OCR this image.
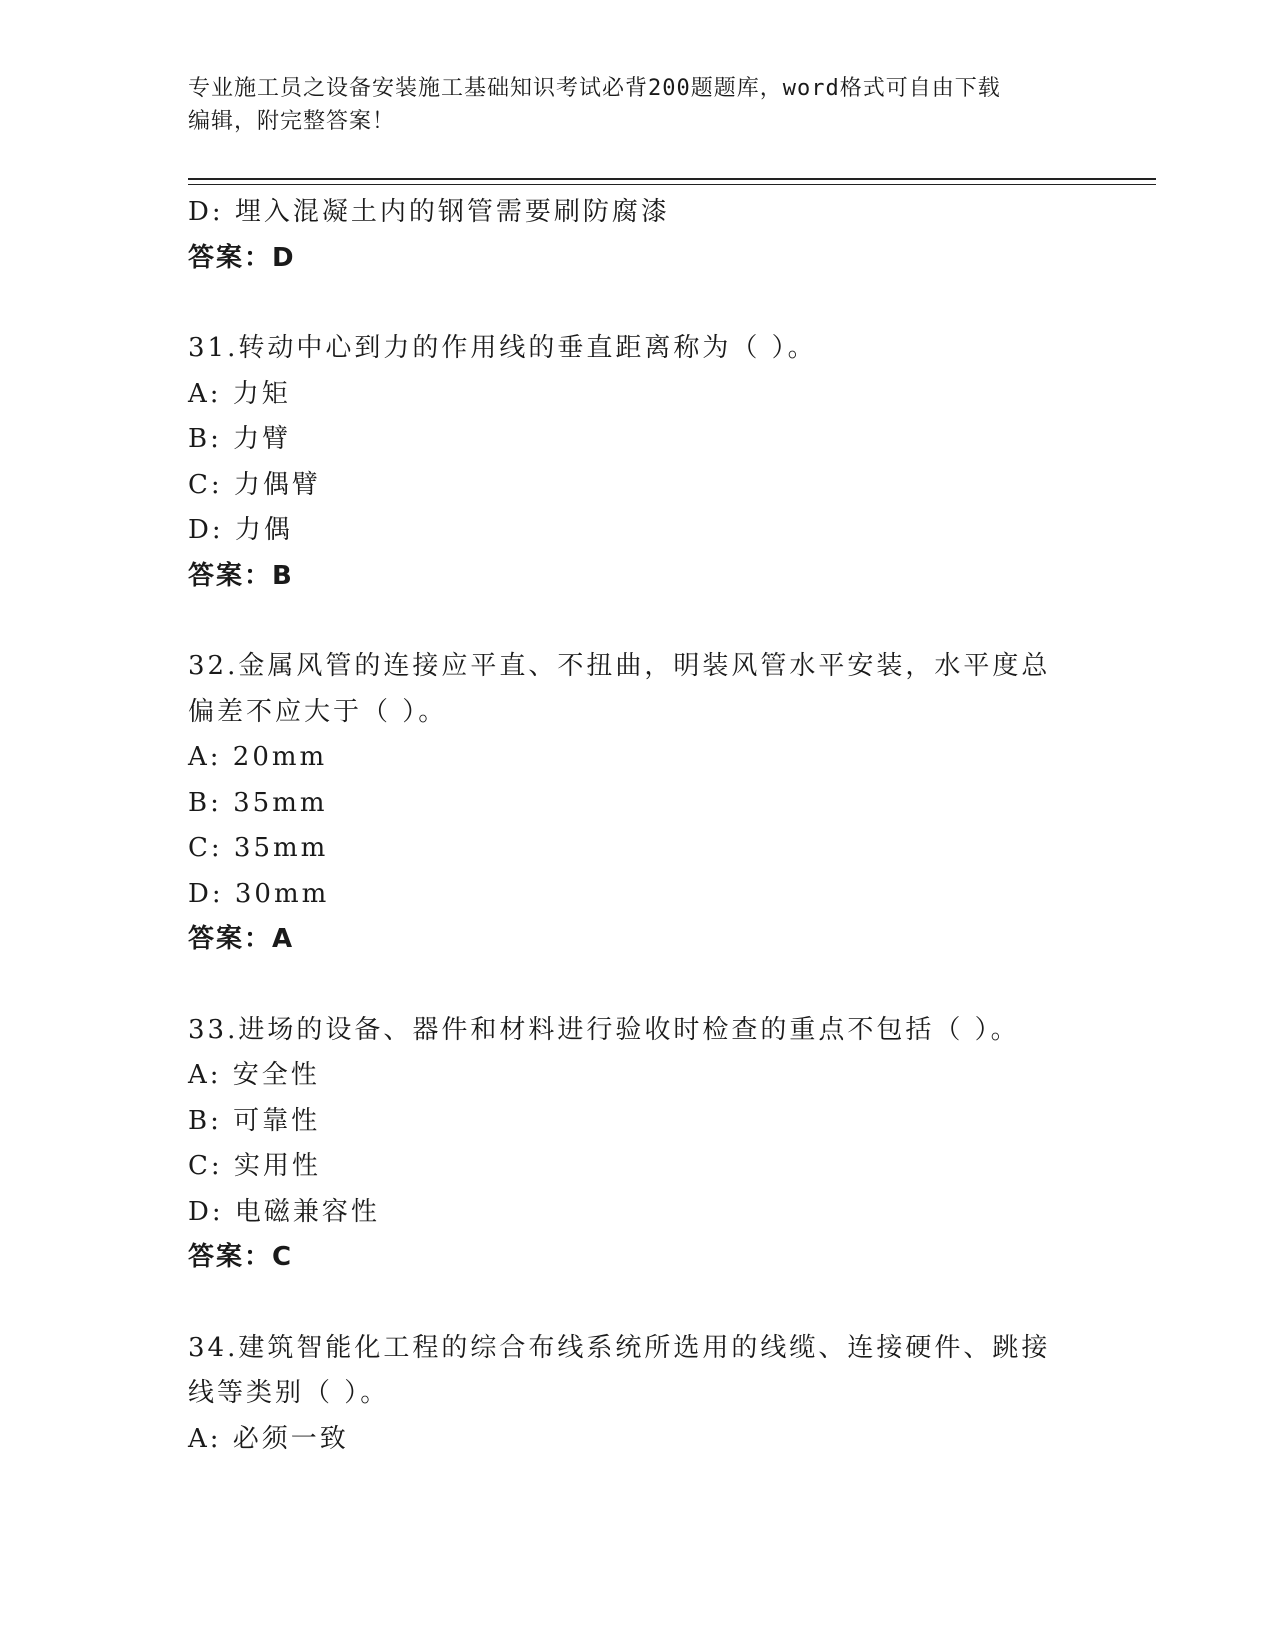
专业施工员之设备安装施工基础知识考试必背200题题库，word格式可自由下载
编辑，附完整答案！
D: 埋入混凝土内的钢管需要刷防腐漆
答案：D
31.转动中心到力的作用线的垂直距离称为（ ）。
A: 力矩
B: 力臂
C: 力偶臂
D: 力偶
答案：B
32.金属风管的连接应平直、不扭曲，明装风管水平安装，水平度总偏差不应大于（ ）。
A: 20mm
B: 35mm
C: 35mm
D: 30mm
答案：A
33.进场的设备、器件和材料进行验收时检查的重点不包括（ ）。
A: 安全性
B: 可靠性
C: 实用性
D: 电磁兼容性
答案：C
34.建筑智能化工程的综合布线系统所选用的线缆、连接硬件、跳接线等类别（ ）。
A: 必须一致
